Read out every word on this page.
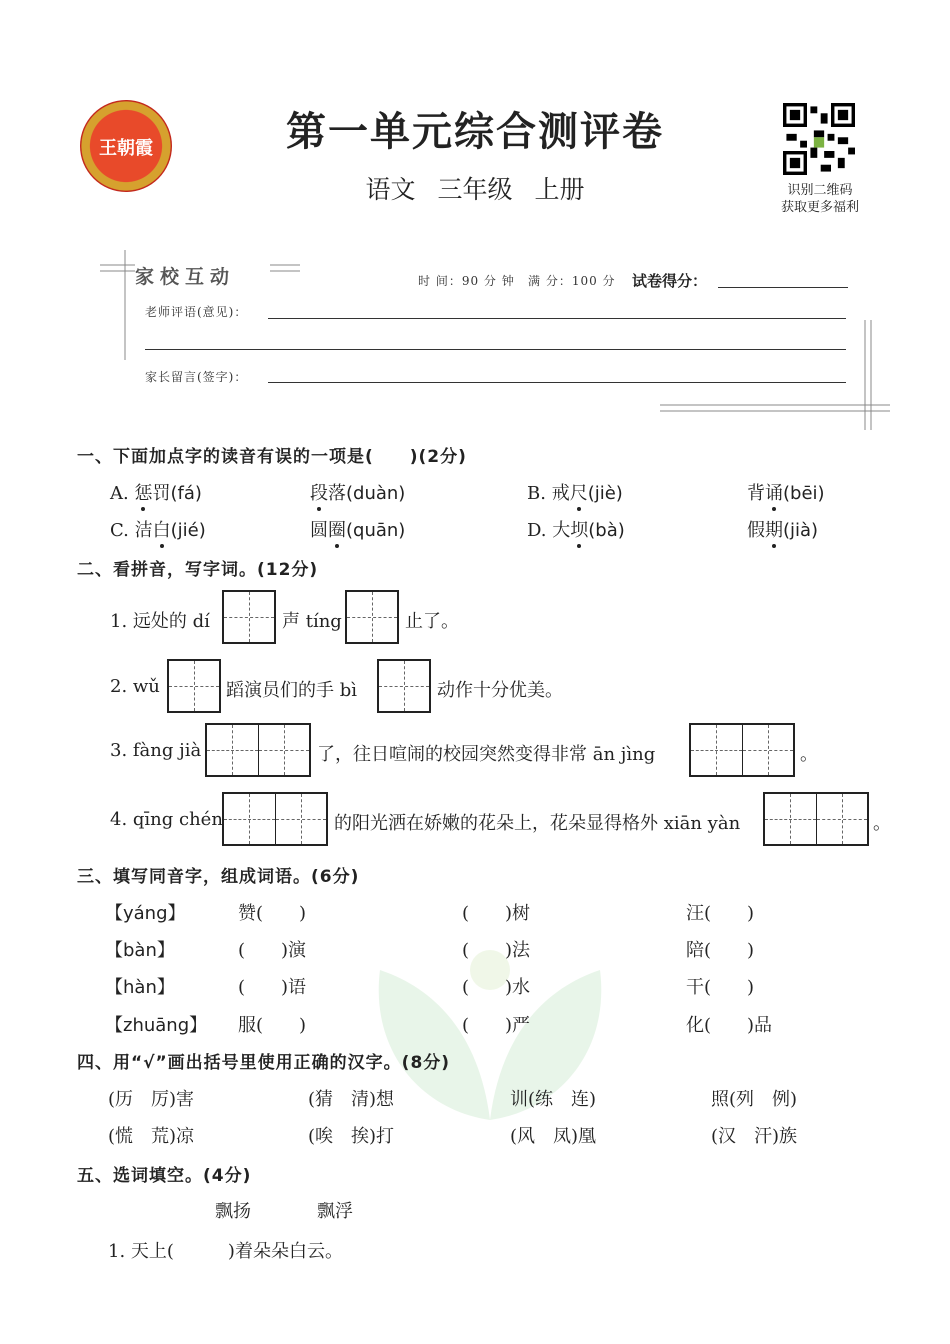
王朝霞	第一单元综合测评卷
语文 三年级 上册	识别二维码
获取更多福利
家校互动	时 间：90 分 钟 满 分：100 分 试卷得分：
老师评语(意见)：
家长留言(签字)：
一、下面加点字的读音有误的一项是(　　)(2分)
A. 惩罚(fá)	段落(duàn)	B. 戒尺(jiè)	背诵(bēi)
C. 洁白(jié)	圆圈(quān)	D. 大坝(bà)	假期(jià)
二、看拼音，写字词。(12分)
1. 远处的 dí	声 tíng	止了。
2. wǔ	蹈演员们的手 bì	动作十分优美。
3. fàng jià	了，往日喧闹的校园突然变得非常 ān jìng	。
4. qīng chén	的阳光洒在娇嫩的花朵上，花朵显得格外 xiān yàn	。
三、填写同音字，组成词语。(6分)
【yáng】	赞(　　)	(　　)树	汪(　　)
【bàn】	(　　)演	(　　)法	陪(　　)
【hàn】	(　　)语	(　　)水	干(　　)
【zhuāng】 服(　　)	(　　)严	化(　　)品
四、用“√”画出括号里使用正确的汉字。(8分)
(历　厉)害	(猜　清)想	训(练　连)	照(列　例)
(慌　荒)凉	(唉　挨)打	(风　凤)凰	(汉　汗)族
五、选词填空。(4分)
飘扬	飘浮
1. 天上(　　　)着朵朵白云。
